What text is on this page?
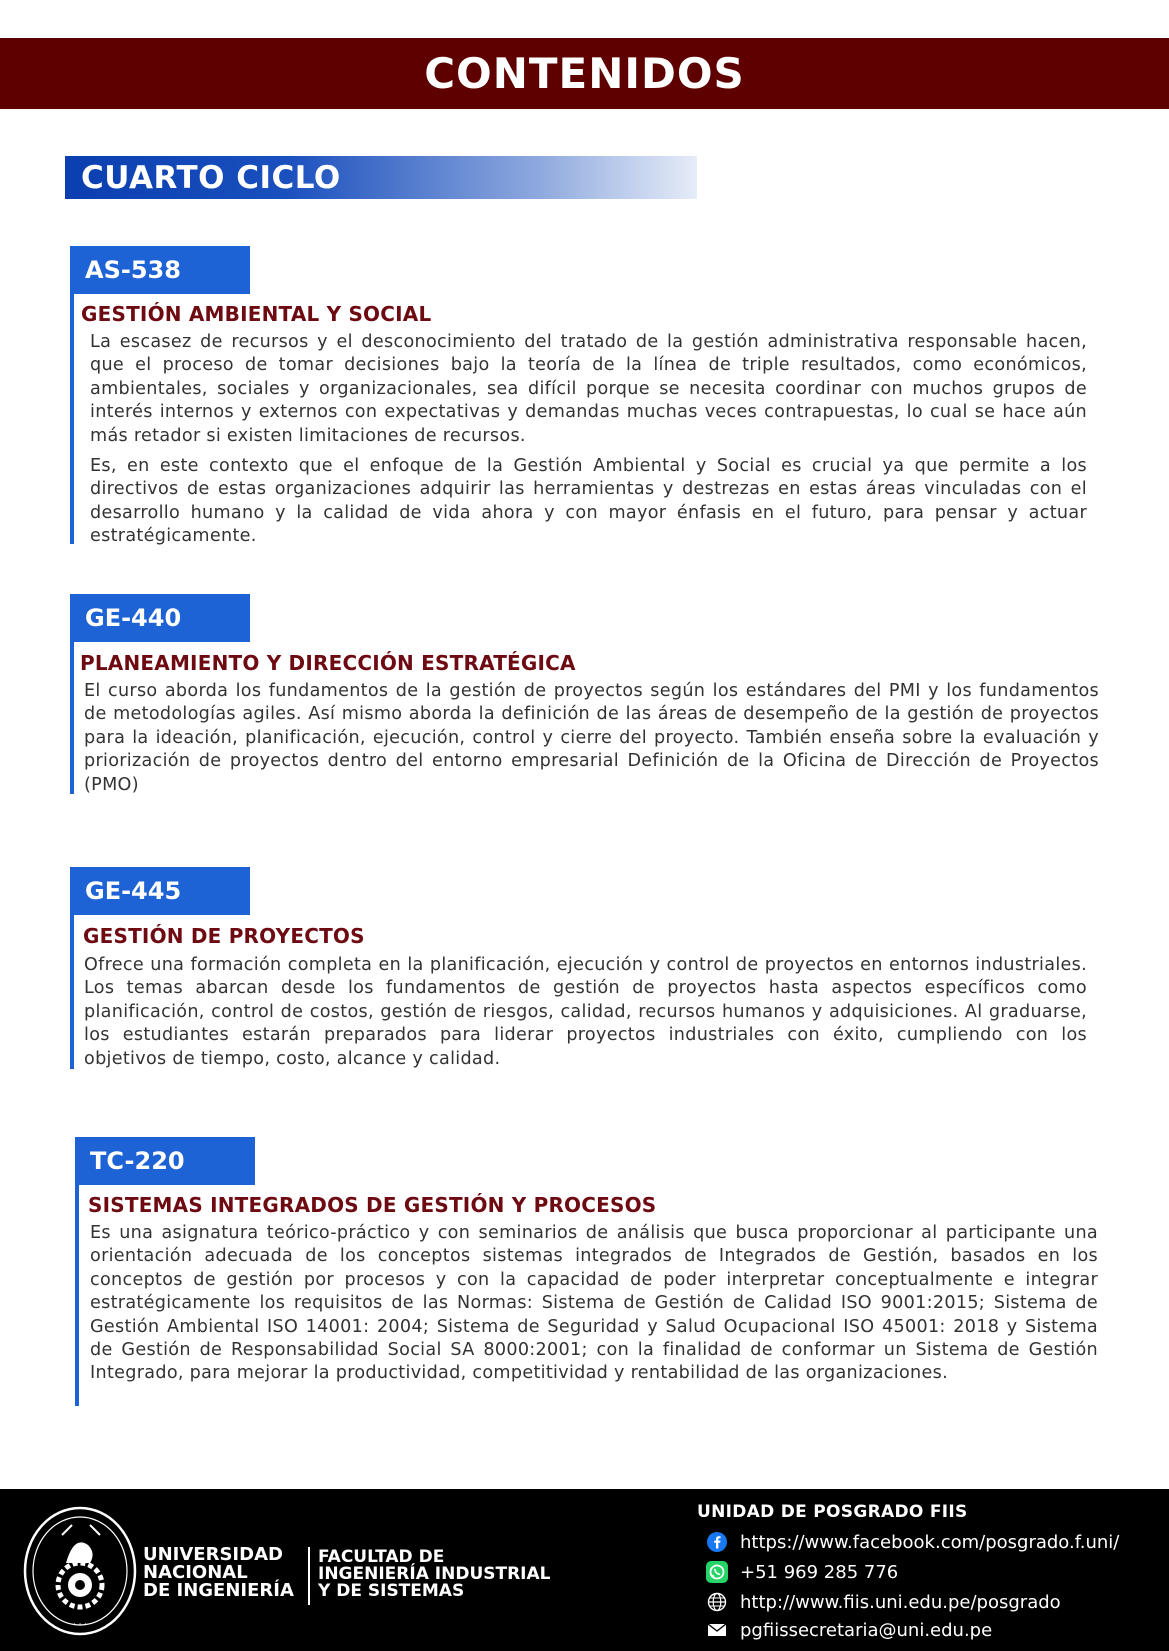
CONTENIDOS
CUARTO CICLO
AS-538
GESTIÓN AMBIENTAL Y SOCIAL

La escasez de recursos y el desconocimiento del tratado de la gestión administrativa responsable hacen, que el proceso de tomar decisiones bajo la teoría de la línea de triple resultados, como económicos, ambientales, sociales y organizacionales, sea difícil porque se necesita coordinar con muchos grupos de interés internos y externos con expectativas y demandas muchas veces contrapuestas, lo cual se hace aún más retador si existen limitaciones de recursos.

Es, en este contexto que el enfoque de la Gestión Ambiental y Social es crucial ya que permite a los directivos de estas organizaciones adquirir las herramientas y destrezas en estas áreas vinculadas con el desarrollo humano y la calidad de vida ahora y con mayor énfasis en el futuro, para pensar y actuar estratégicamente.

GE-440
PLANEAMIENTO Y DIRECCIÓN ESTRATÉGICA

El curso aborda los fundamentos de la gestión de proyectos según los estándares del PMI y los fundamentos de metodologías agiles. Así mismo aborda la definición de las áreas de desempeño de la gestión de proyectos para la ideación, planificación, ejecución, control y cierre del proyecto. También enseña sobre la evaluación y priorización de proyectos dentro del entorno empresarial Definición de la Oficina de Dirección de Proyectos (PMO)

GE-445
GESTIÓN DE PROYECTOS

Ofrece una formación completa en la planificación, ejecución y control de proyectos en entornos industriales. Los temas abarcan desde los fundamentos de gestión de proyectos hasta aspectos específicos como planificación, control de costos, gestión de riesgos, calidad, recursos humanos y adquisiciones. Al graduarse, los estudiantes estarán preparados para liderar proyectos industriales con éxito, cumpliendo con los objetivos de tiempo, costo, alcance y calidad.

TC-220
SISTEMAS INTEGRADOS DE GESTIÓN Y PROCESOS

Es una asignatura teórico-práctico y con seminarios de análisis que busca proporcionar al participante una orientación adecuada de los conceptos sistemas integrados de Integrados de Gestión, basados en los conceptos de gestión por procesos y con la capacidad de poder interpretar conceptualmente e integrar estratégicamente los requisitos de las Normas: Sistema de Gestión de Calidad ISO 9001:2015; Sistema de Gestión Ambiental ISO 14001: 2004; Sistema de Seguridad y Salud Ocupacional ISO 45001: 2018 y Sistema de Gestión de Responsabilidad Social SA 8000:2001; con la finalidad de conformar un Sistema de Gestión Integrado, para mejorar la productividad, competitividad y rentabilidad de las organizaciones.

· · ·
UNIVERSIDAD
NACIONAL
DE INGENIERÍA
FACULTAD DE
INGENIERÍA INDUSTRIAL
Y DE SISTEMAS
UNIDAD DE POSGRADO FIIS
https://www.facebook.com/posgrado.f.uni/
+51 969 285 776
http://www.fiis.uni.edu.pe/posgrado
pgfiissecretaria@uni.edu.pe
